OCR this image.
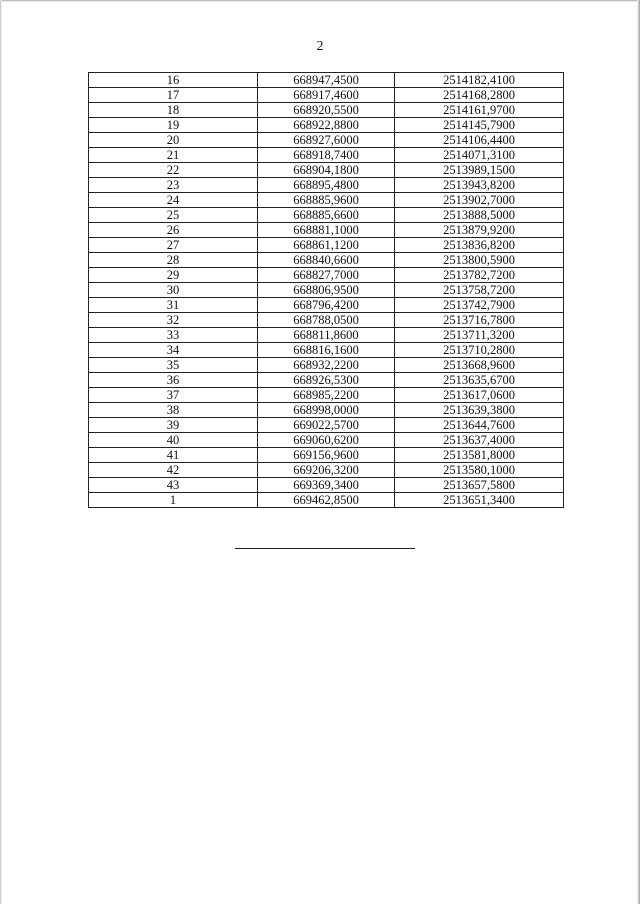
2
16	668947,4500	2514182,4100
17	668917,4600	2514168,2800
18	668920,5500	2514161,9700
19	668922,8800	2514145,7900
20	668927,6000	2514106,4400
21	668918,7400	2514071,3100
22	668904,1800	2513989,1500
23	668895,4800	2513943,8200
24	668885,9600	2513902,7000
25	668885,6600	2513888,5000
26	668881,1000	2513879,9200
27	668861,1200	2513836,8200
28	668840,6600	2513800,5900
29	668827,7000	2513782,7200
30	668806,9500	2513758,7200
31	668796,4200	2513742,7900
32	668788,0500	2513716,7800
33	668811,8600	2513711,3200
34	668816,1600	2513710,2800
35	668932,2200	2513668,9600
36	668926,5300	2513635,6700
37	668985,2200	2513617,0600
38	668998,0000	2513639,3800
39	669022,5700	2513644,7600
40	669060,6200	2513637,4000
41	669156,9600	2513581,8000
42	669206,3200	2513580,1000
43	669369,3400	2513657,5800
1	669462,8500	2513651,3400
